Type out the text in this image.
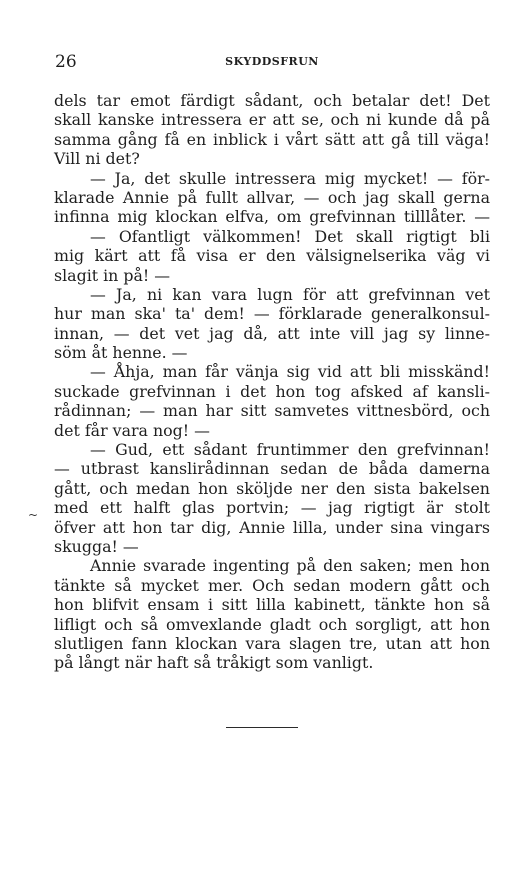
26	SKYDDSFRUN
dels tar emot färdigt sådant, och betalar det! Det
skall kanske intressera er att se, och ni kunde då på
samma gång få en inblick i vårt sätt att gå till väga!
Vill ni det?
— Ja, det skulle intressera mig mycket! — för-
klarade Annie på fullt allvar, — och jag skall gerna
infinna mig klockan elfva, om grefvinnan tilllåter. —
— Ofantligt välkommen! Det skall rigtigt bli
mig kärt att få visa er den välsignelserika väg vi
slagit in på! —
— Ja, ni kan vara lugn för att grefvinnan vet
hur man ska' ta' dem! — förklarade generalkonsul-
innan, — det vet jag då, att inte vill jag sy linne-
söm åt henne. —
— Åhja, man får vänja sig vid att bli misskänd!
suckade grefvinnan i det hon tog afsked af kansli-
rådinnan; — man har sitt samvetes vittnesbörd, och
det får vara nog! —
— Gud, ett sådant fruntimmer den grefvinnan!
— utbrast kanslirådinnan sedan de båda damerna
gått, och medan hon sköljde ner den sista bakelsen
med ett halft glas portvin; — jag rigtigt är stolt
öfver att hon tar dig, Annie lilla, under sina vingars
skugga! —
Annie svarade ingenting på den saken; men hon
tänkte så mycket mer. Och sedan modern gått och
hon blifvit ensam i sitt lilla kabinett, tänkte hon så
lifligt och så omvexlande gladt och sorgligt, att hon
slutligen fann klockan vara slagen tre, utan att hon
på långt när haft så tråkigt som vanligt.
~
